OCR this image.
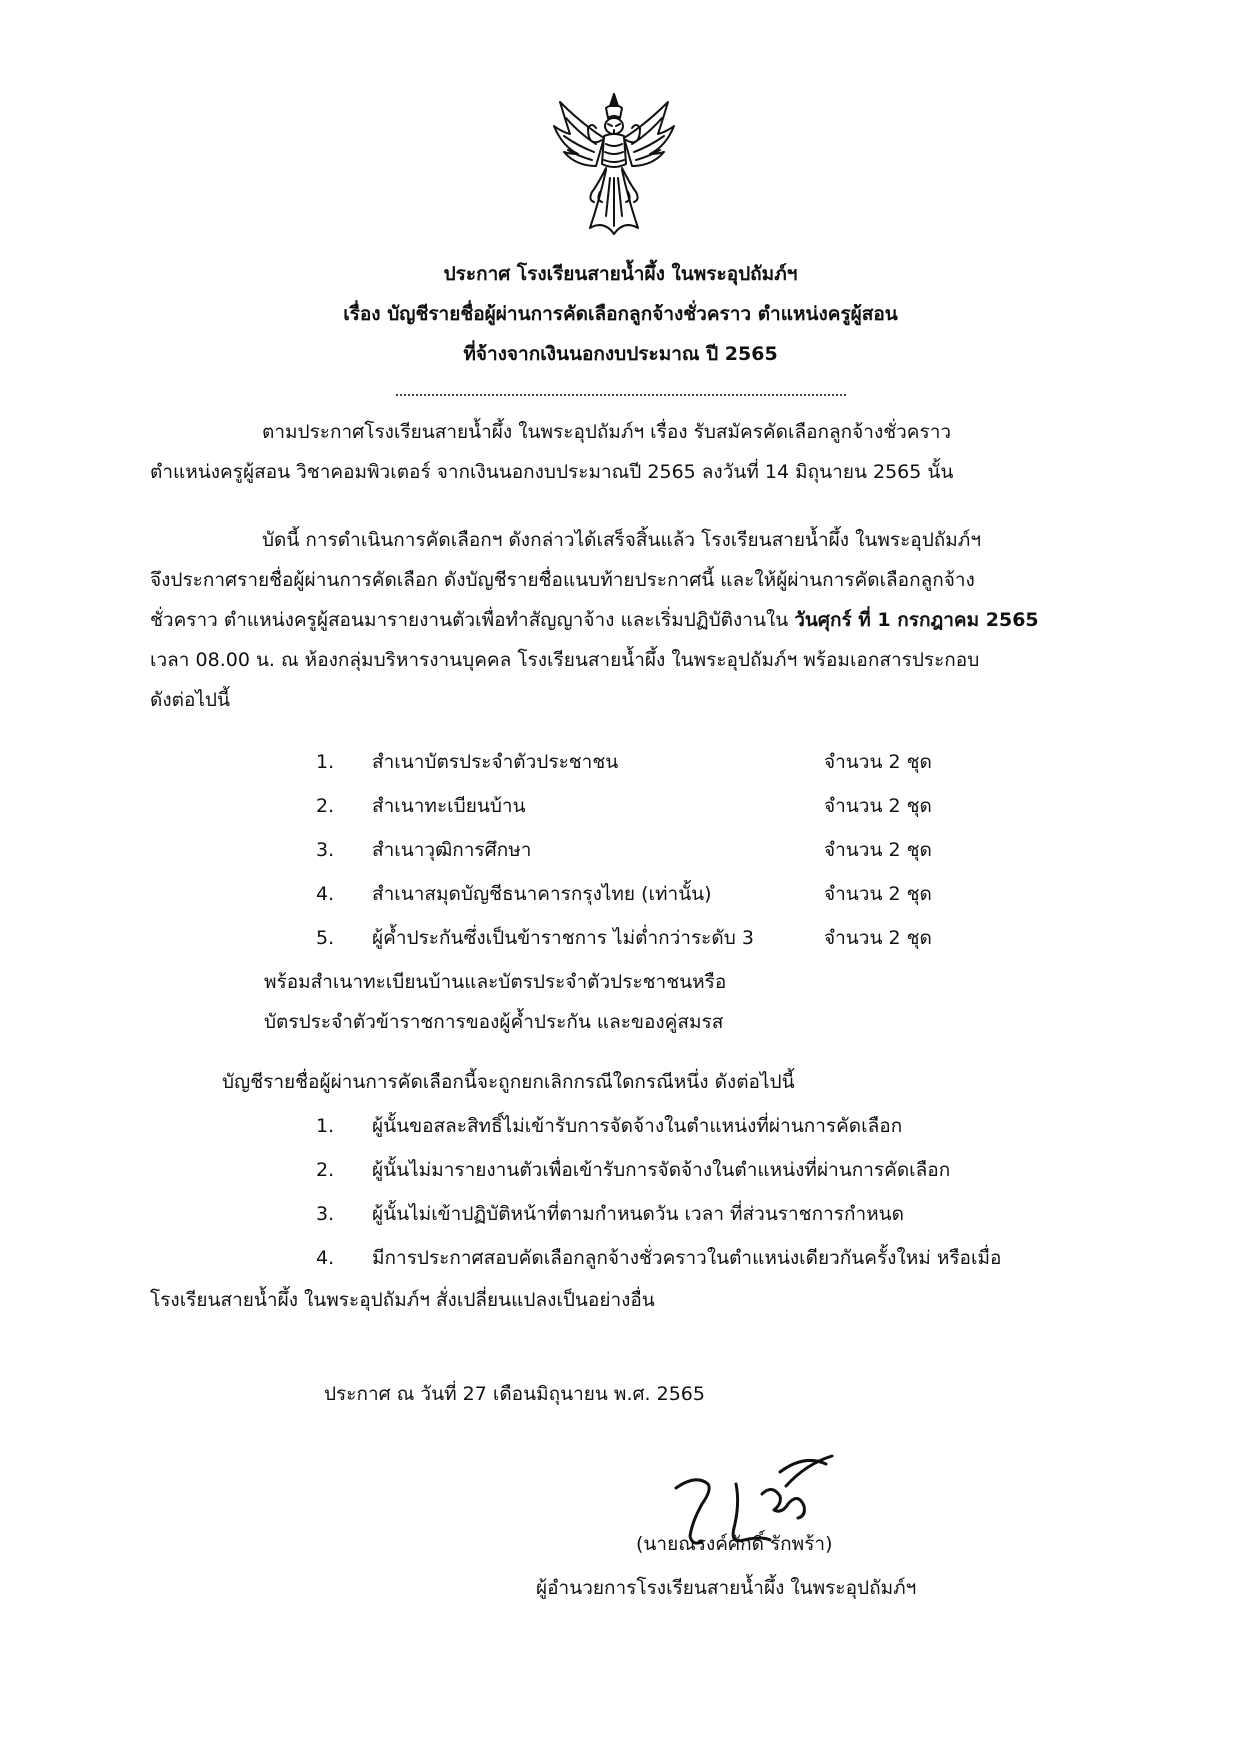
ประกาศ โรงเรียนสายน้ำผึ้ง ในพระอุปถัมภ์ฯ
เรื่อง บัญชีรายชื่อผู้ผ่านการคัดเลือกลูกจ้างชั่วคราว ตำแหน่งครูผู้สอน
ที่จ้างจากเงินนอกงบประมาณ ปี 2565
ตามประกาศโรงเรียนสายน้ำผึ้ง ในพระอุปถัมภ์ฯ เรื่อง รับสมัครคัดเลือกลูกจ้างชั่วคราว
ตำแหน่งครูผู้สอน วิชาคอมพิวเตอร์ จากเงินนอกงบประมาณปี 2565 ลงวันที่ 14 มิถุนายน 2565 นั้น
บัดนี้ การดำเนินการคัดเลือกฯ ดังกล่าวได้เสร็จสิ้นแล้ว โรงเรียนสายน้ำผึ้ง ในพระอุปถัมภ์ฯ
จึงประกาศรายชื่อผู้ผ่านการคัดเลือก ดังบัญชีรายชื่อแนบท้ายประกาศนี้ และให้ผู้ผ่านการคัดเลือกลูกจ้าง
ชั่วคราว ตำแหน่งครูผู้สอนมารายงานตัวเพื่อทำสัญญาจ้าง และเริ่มปฏิบัติงานใน วันศุกร์ ที่ 1 กรกฎาคม 2565
เวลา 08.00 น. ณ ห้องกลุ่มบริหารงานบุคคล โรงเรียนสายน้ำผึ้ง ในพระอุปถัมภ์ฯ พร้อมเอกสารประกอบ
ดังต่อไปนี้
1. สำเนาบัตรประจำตัวประชาชน	จำนวน 2 ชุด
2. สำเนาทะเบียนบ้าน	จำนวน 2 ชุด
3. สำเนาวุฒิการศึกษา	จำนวน 2 ชุด
4. สำเนาสมุดบัญชีธนาคารกรุงไทย (เท่านั้น)	จำนวน 2 ชุด
5. ผู้ค้ำประกันซึ่งเป็นข้าราชการ ไม่ต่ำกว่าระดับ 3	จำนวน 2 ชุด
พร้อมสำเนาทะเบียนบ้านและบัตรประจำตัวประชาชนหรือ
บัตรประจำตัวข้าราชการของผู้ค้ำประกัน และของคู่สมรส
บัญชีรายชื่อผู้ผ่านการคัดเลือกนี้จะถูกยกเลิกกรณีใดกรณีหนึ่ง ดังต่อไปนี้
1. ผู้นั้นขอสละสิทธิ์ไม่เข้ารับการจัดจ้างในตำแหน่งที่ผ่านการคัดเลือก
2. ผู้นั้นไม่มารายงานตัวเพื่อเข้ารับการจัดจ้างในตำแหน่งที่ผ่านการคัดเลือก
3. ผู้นั้นไม่เข้าปฏิบัติหน้าที่ตามกำหนดวัน เวลา ที่ส่วนราชการกำหนด
4. มีการประกาศสอบคัดเลือกลูกจ้างชั่วคราวในตำแหน่งเดียวกันครั้งใหม่ หรือเมื่อ
โรงเรียนสายน้ำผึ้ง ในพระอุปถัมภ์ฯ สั่งเปลี่ยนแปลงเป็นอย่างอื่น
ประกาศ ณ วันที่ 27 เดือนมิถุนายน พ.ศ. 2565
(นายณรงค์ศักดิ์ รักพร้า)
ผู้อำนวยการโรงเรียนสายน้ำผึ้ง ในพระอุปถัมภ์ฯ
